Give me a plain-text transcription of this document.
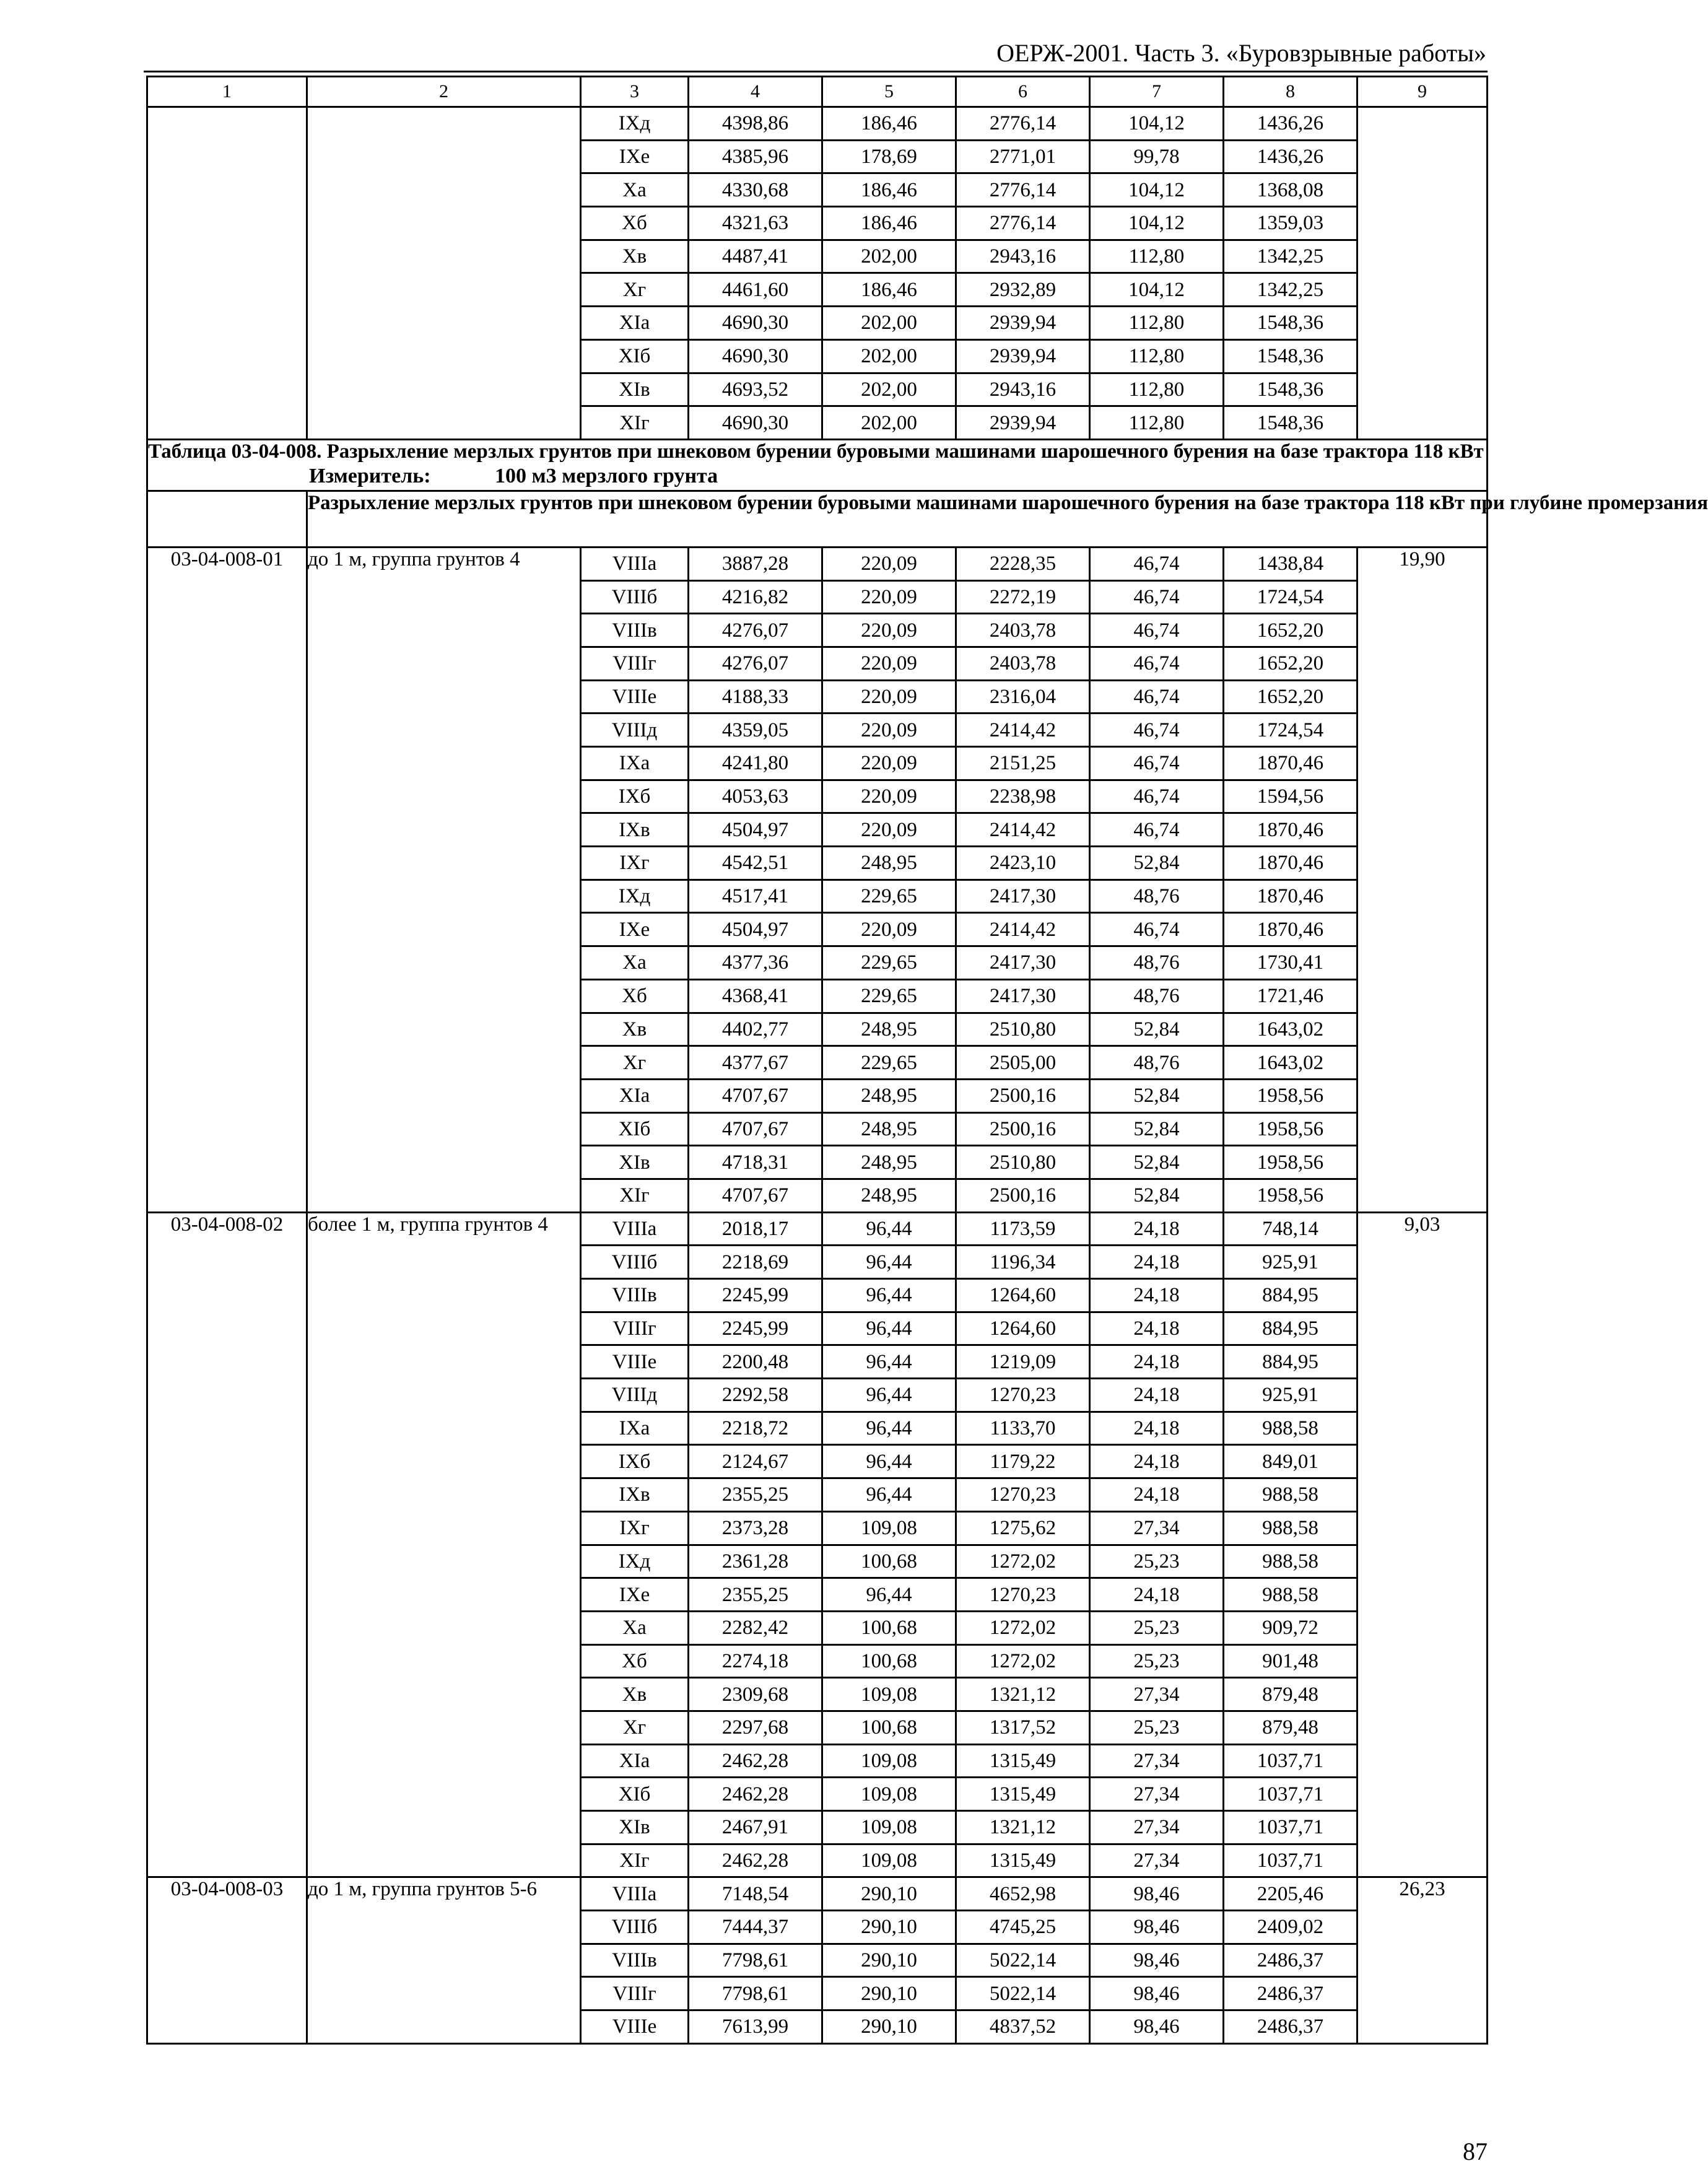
ОЕРЖ-2001. Часть 3. «Буровзрывные работы»
1	2	3	4	5	6	7	8	9
		IXд	4398,86	186,46	2776,14	104,12	1436,26	
		IXе	4385,96	178,69	2771,01	99,78	1436,26	
		Xа	4330,68	186,46	2776,14	104,12	1368,08	
		Xб	4321,63	186,46	2776,14	104,12	1359,03	
		Xв	4487,41	202,00	2943,16	112,80	1342,25	
		Xг	4461,60	186,46	2932,89	104,12	1342,25	
		XIа	4690,30	202,00	2939,94	112,80	1548,36	
		XIб	4690,30	202,00	2939,94	112,80	1548,36	
		XIв	4693,52	202,00	2943,16	112,80	1548,36	
		XIг	4690,30	202,00	2939,94	112,80	1548,36	

Таблица 03-04-008. Разрыхление мерзлых грунтов при шнековом бурении буровыми машинами шарошечного бурения на базе трактора 118 кВт
Измеритель: 100 м3 мерзлого грунта								

	Разрыхление мерзлых грунтов при шнековом бурении буровыми машинами шарошечного бурения на базе трактора 118 кВт при глубине промерзания							
03-04-008-01	до 1 м, группа грунтов 4	VIIIа	3887,28	220,09	2228,35	46,74	1438,84	19,90
		VIIIб	4216,82	220,09	2272,19	46,74	1724,54	
		VIIIв	4276,07	220,09	2403,78	46,74	1652,20	
		VIIIг	4276,07	220,09	2403,78	46,74	1652,20	
		VIIIе	4188,33	220,09	2316,04	46,74	1652,20	
		VIIIд	4359,05	220,09	2414,42	46,74	1724,54	
		IXа	4241,80	220,09	2151,25	46,74	1870,46	
		IXб	4053,63	220,09	2238,98	46,74	1594,56	
		IXв	4504,97	220,09	2414,42	46,74	1870,46	
		IXг	4542,51	248,95	2423,10	52,84	1870,46	
		IXд	4517,41	229,65	2417,30	48,76	1870,46	
		IXе	4504,97	220,09	2414,42	46,74	1870,46	
		Xа	4377,36	229,65	2417,30	48,76	1730,41	
		Xб	4368,41	229,65	2417,30	48,76	1721,46	
		Xв	4402,77	248,95	2510,80	52,84	1643,02	
		Xг	4377,67	229,65	2505,00	48,76	1643,02	
		XIа	4707,67	248,95	2500,16	52,84	1958,56	
		XIб	4707,67	248,95	2500,16	52,84	1958,56	
		XIв	4718,31	248,95	2510,80	52,84	1958,56	
		XIг	4707,67	248,95	2500,16	52,84	1958,56	
03-04-008-02	более 1 м, группа грунтов 4	VIIIа	2018,17	96,44	1173,59	24,18	748,14	9,03
		VIIIб	2218,69	96,44	1196,34	24,18	925,91	
		VIIIв	2245,99	96,44	1264,60	24,18	884,95	
		VIIIг	2245,99	96,44	1264,60	24,18	884,95	
		VIIIе	2200,48	96,44	1219,09	24,18	884,95	
		VIIIд	2292,58	96,44	1270,23	24,18	925,91	
		IXа	2218,72	96,44	1133,70	24,18	988,58	
		IXб	2124,67	96,44	1179,22	24,18	849,01	
		IXв	2355,25	96,44	1270,23	24,18	988,58	
		IXг	2373,28	109,08	1275,62	27,34	988,58	
		IXд	2361,28	100,68	1272,02	25,23	988,58	
		IXе	2355,25	96,44	1270,23	24,18	988,58	
		Xа	2282,42	100,68	1272,02	25,23	909,72	
		Xб	2274,18	100,68	1272,02	25,23	901,48	
		Xв	2309,68	109,08	1321,12	27,34	879,48	
		Xг	2297,68	100,68	1317,52	25,23	879,48	
		XIа	2462,28	109,08	1315,49	27,34	1037,71	
		XIб	2462,28	109,08	1315,49	27,34	1037,71	
		XIв	2467,91	109,08	1321,12	27,34	1037,71	
		XIг	2462,28	109,08	1315,49	27,34	1037,71	
03-04-008-03	до 1 м, группа грунтов 5-6	VIIIа	7148,54	290,10	4652,98	98,46	2205,46	26,23
		VIIIб	7444,37	290,10	4745,25	98,46	2409,02	
		VIIIв	7798,61	290,10	5022,14	98,46	2486,37	
		VIIIг	7798,61	290,10	5022,14	98,46	2486,37	
		VIIIе	7613,99	290,10	4837,52	98,46	2486,37	
87
